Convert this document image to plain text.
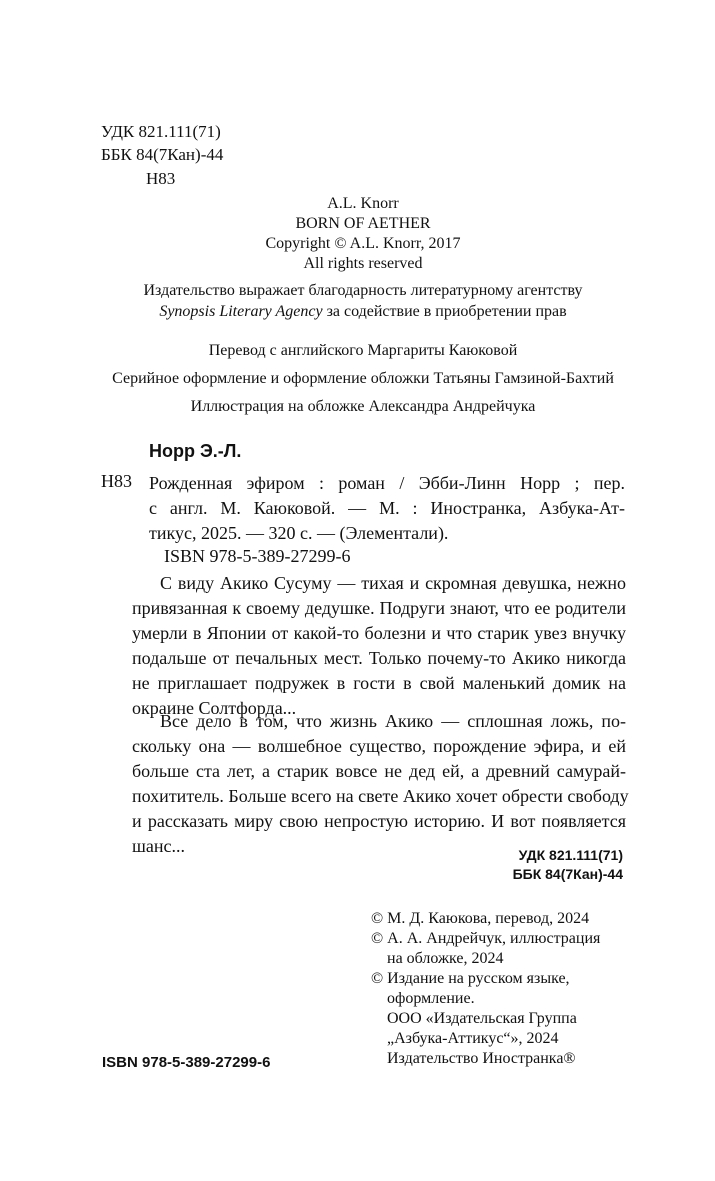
УДК 821.111(71)
ББК 84(7Кан)-44
Н83
A.L. Knorr
BORN OF AETHER
Copyright © A.L. Knorr, 2017
All rights reserved
Издательство выражает благодарность литературному агентству
Synopsis Literary Agency за содействие в приобретении прав
Перевод с английского Маргариты Каюковой
Серийное оформление и оформление обложки Татьяны Гамзиной-Бахтий
Иллюстрация на обложке Александра Андрейчука
Норр Э.-Л.
Н83 Рожденная эфиром : роман / Эбби-Линн Норр ; пер.
с англ. М. Каюковой. — М. : Иностранка, Азбука-Ат-
тикус, 2025. — 320 с. — (Элементали).
ISBN 978-5-389-27299-6
С виду Акико Сусуму — тихая и скромная девушка, нежно
привязанная к своему дедушке. Подруги знают, что ее родители
умерли в Японии от какой-то болезни и что старик увез внучку
подальше от печальных мест. Только почему-то Акико никогда
не приглашает подружек в гости в свой маленький домик на
окраине Солтфорда...
Все дело в том, что жизнь Акико — сплошная ложь, по-
скольку она — волшебное существо, порождение эфира, и ей
больше ста лет, а старик вовсе не дед ей, а древний самурай-
похититель. Больше всего на свете Акико хочет обрести свободу
и рассказать миру свою непростую историю. И вот появляется
шанс...	УДК 821.111(71)
ББК 84(7Кан)-44
© М. Д. Каюкова, перевод, 2024
© А. А. Андрейчук, иллюстрация
на обложке, 2024
© Издание на русском языке,
оформление.
ООО «Издательская Группа
„Азбука-Аттикус“», 2024
Издательство Иностранка®
ISBN 978-5-389-27299-6
